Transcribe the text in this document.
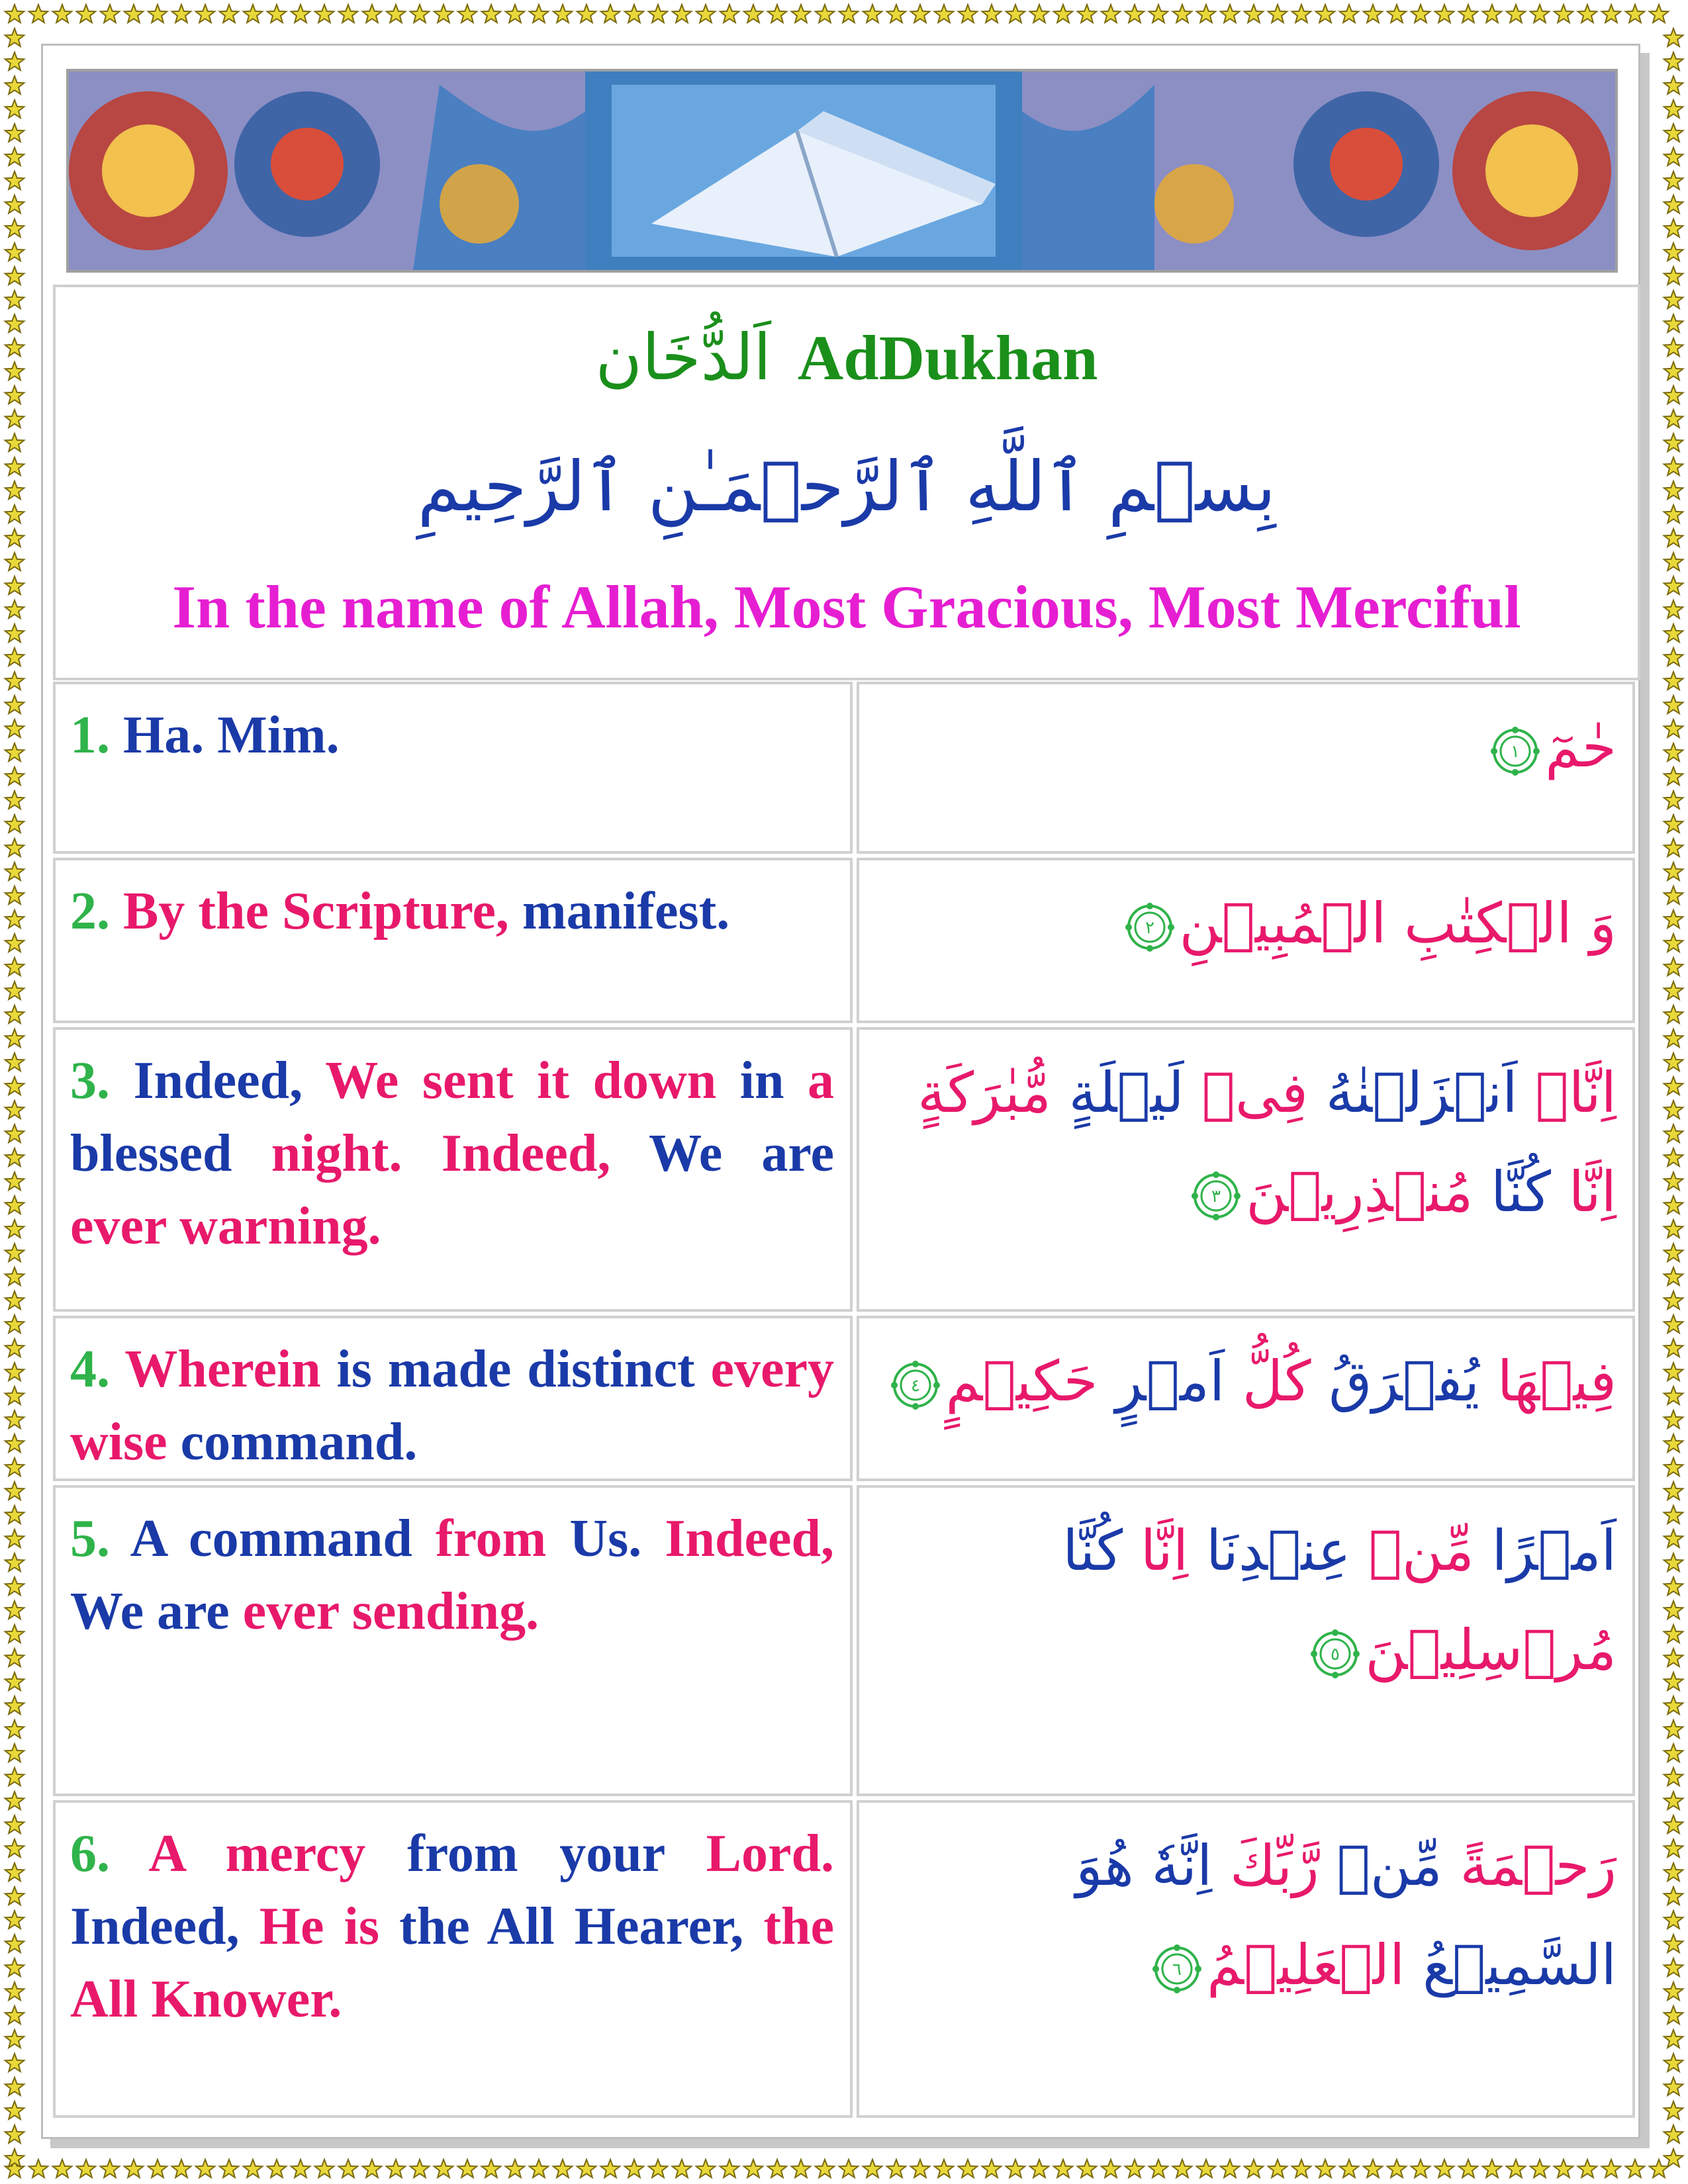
اَلدُّخَان AdDukhan
بِسۡمِ ٱللَّهِ ٱلرَّحۡمَـٰنِ ٱلرَّحِيمِ
In the name of Allah, Most Gracious, Most Merciful
1. Ha. Mim.	حٰمٓ
١
2. By the Scripture, manifest.	وَ الۡكِتٰبِ الۡمُبِيۡنِ
٢
3. Indeed, We sent it down in a blessed night. Indeed, We are ever warning.
اِنَّاۤ اَنۡزَلۡنٰهُ فِىۡ لَيۡلَةٍ مُّبٰرَكَةٍ اِنَّا كُنَّا مُنۡذِرِيۡنَ
٣
4. Wherein is made distinct every wise command.
فِيۡهَا يُفۡرَقُ كُلُّ اَمۡرٍ حَكِيۡمٍ
٤
5. A command from Us. Indeed, We are ever sending.
اَمۡرًا مِّنۡ عِنۡدِنَا اِنَّا كُنَّا مُرۡسِلِيۡنَ
٥
6. A mercy from your Lord. Indeed, He is the All Hearer, the All Knower.
رَحۡمَةً مِّنۡ رَّبِّكَ اِنَّهٗ هُوَ السَّمِيۡعُ الۡعَلِيۡمُ
٦
